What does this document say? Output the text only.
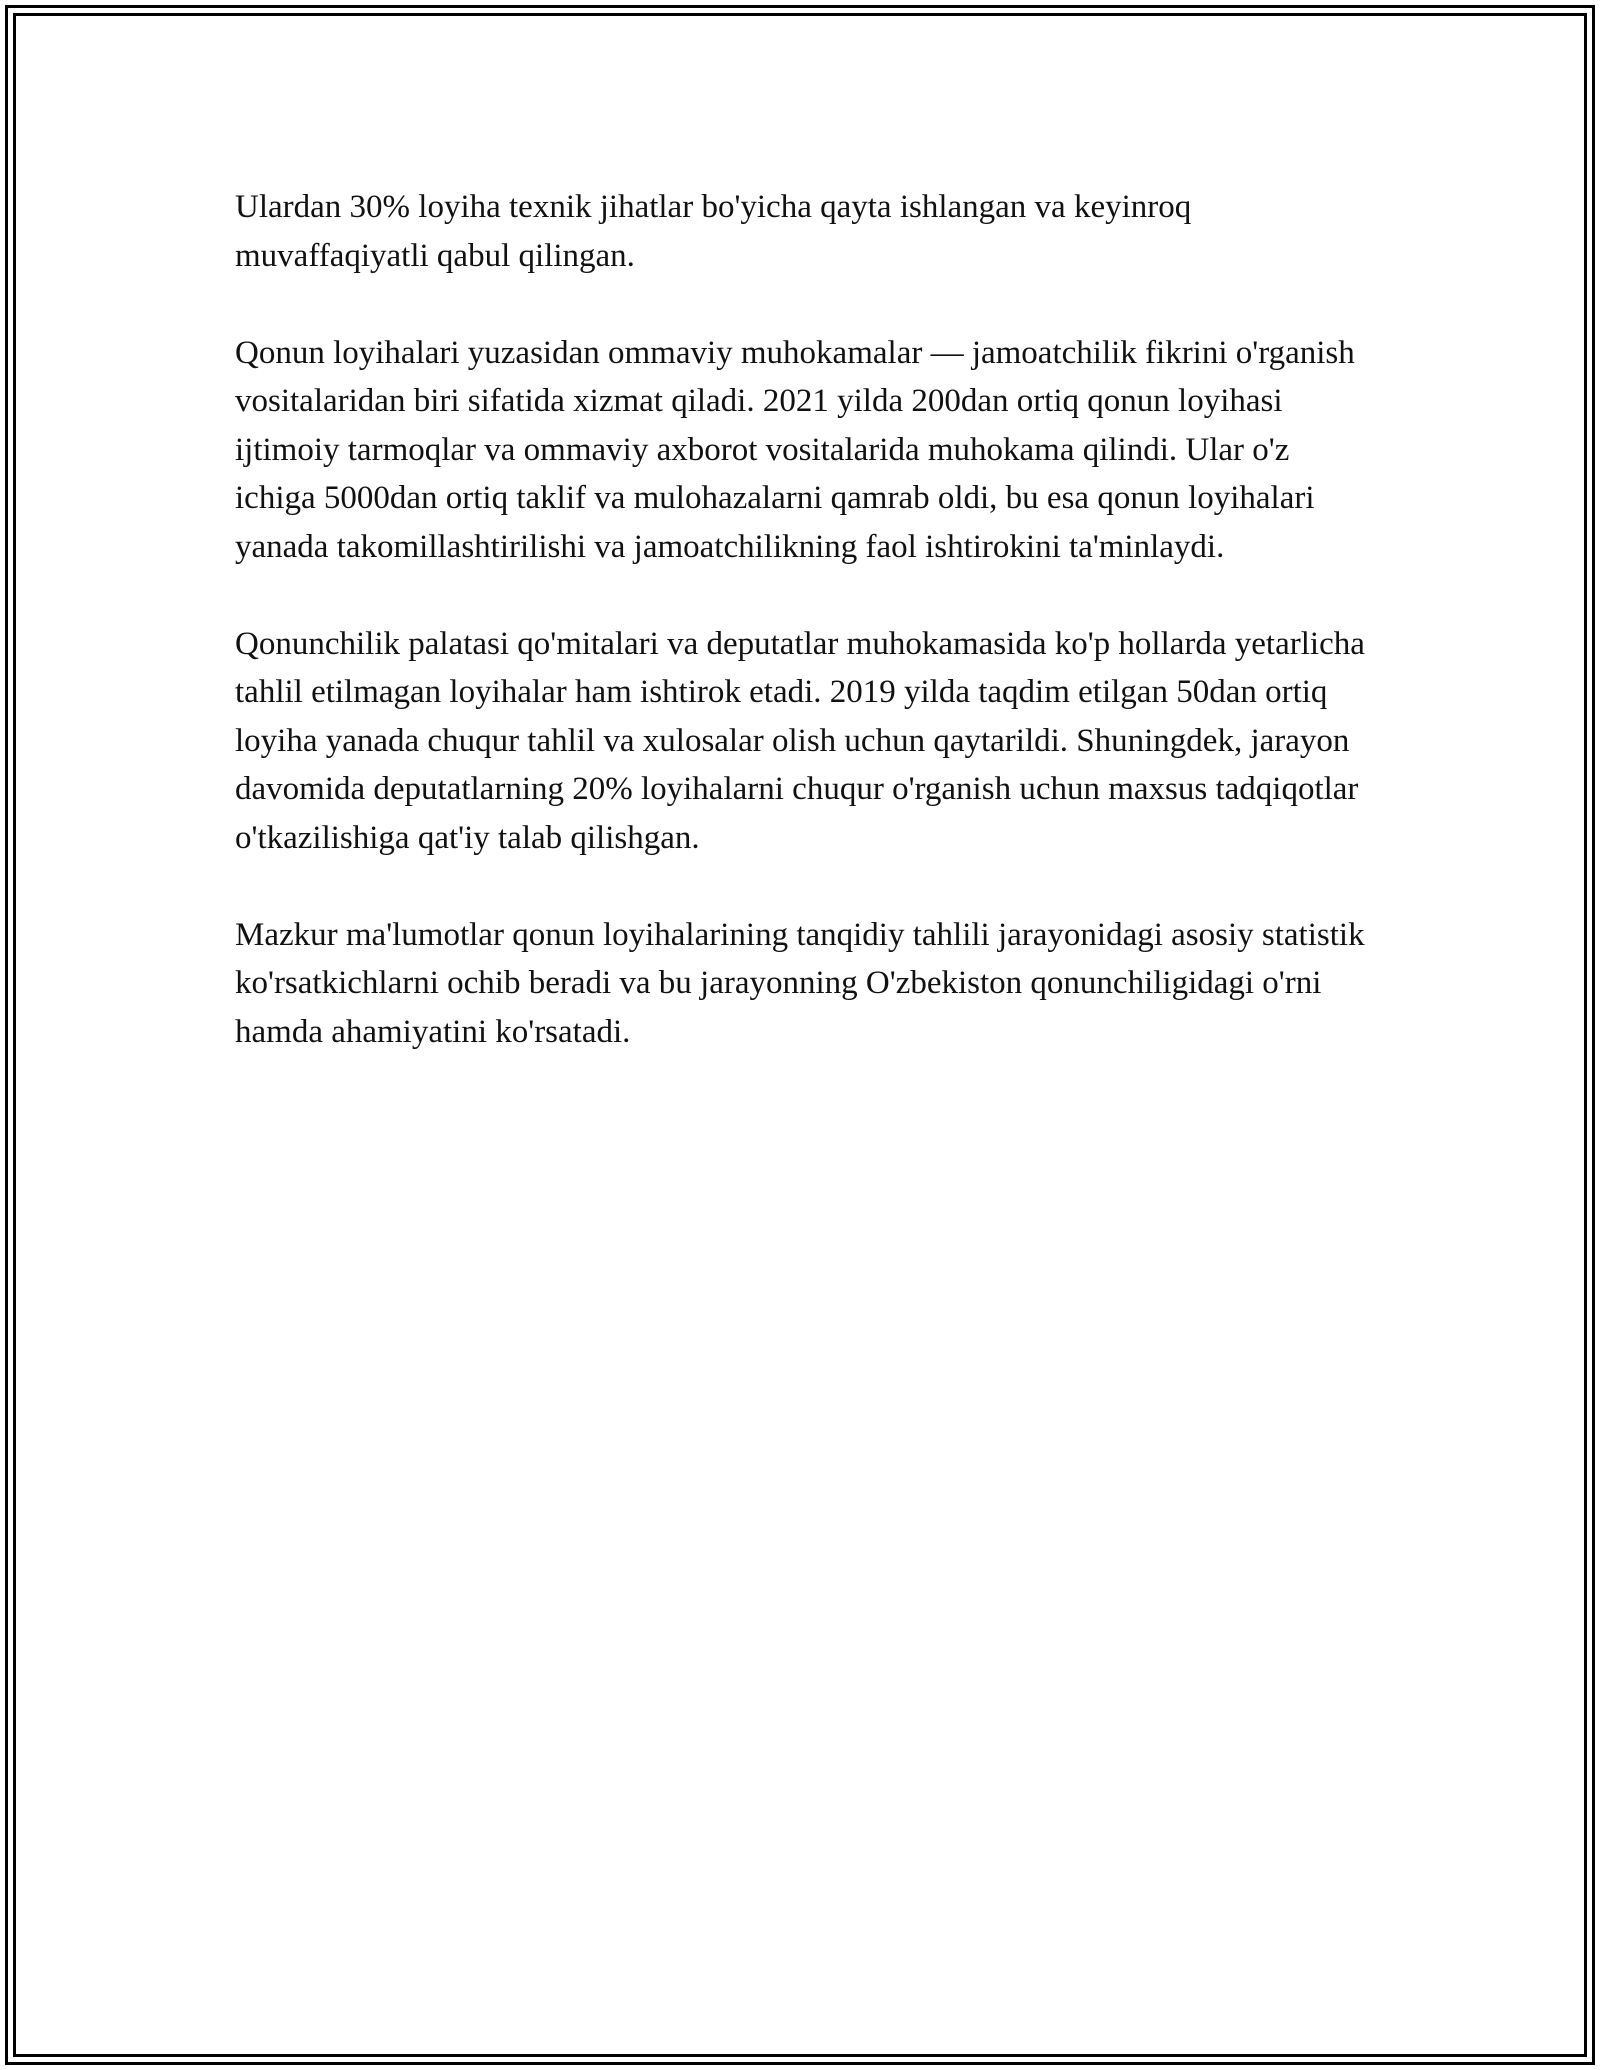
Ulardan 30% loyiha texnik jihatlar bo'yicha qayta ishlangan va keyinroq muvaffaqiyatli qabul qilingan.

Qonun loyihalari yuzasidan ommaviy muhokamalar — jamoatchilik fikrini o'rganish vositalaridan biri sifatida xizmat qiladi. 2021 yilda 200dan ortiq qonun loyihasi ijtimoiy tarmoqlar va ommaviy axborot vositalarida muhokama qilindi. Ular o'z ichiga 5000dan ortiq taklif va mulohazalarni qamrab oldi, bu esa qonun loyihalari yanada takomillashtirilishi va jamoatchilikning faol ishtirokini ta'minlaydi.

Qonunchilik palatasi qo'mitalari va deputatlar muhokamasida ko'p hollarda yetarlicha tahlil etilmagan loyihalar ham ishtirok etadi. 2019 yilda taqdim etilgan 50dan ortiq loyiha yanada chuqur tahlil va xulosalar olish uchun qaytarildi. Shuningdek, jarayon davomida deputatlarning 20% loyihalarni chuqur o'rganish uchun maxsus tadqiqotlar o'tkazilishiga qat'iy talab qilishgan.

Mazkur ma'lumotlar qonun loyihalarining tanqidiy tahlili jarayonidagi asosiy statistik ko'rsatkichlarni ochib beradi va bu jarayonning O'zbekiston qonunchiligidagi o'rni hamda ahamiyatini ko'rsatadi.
